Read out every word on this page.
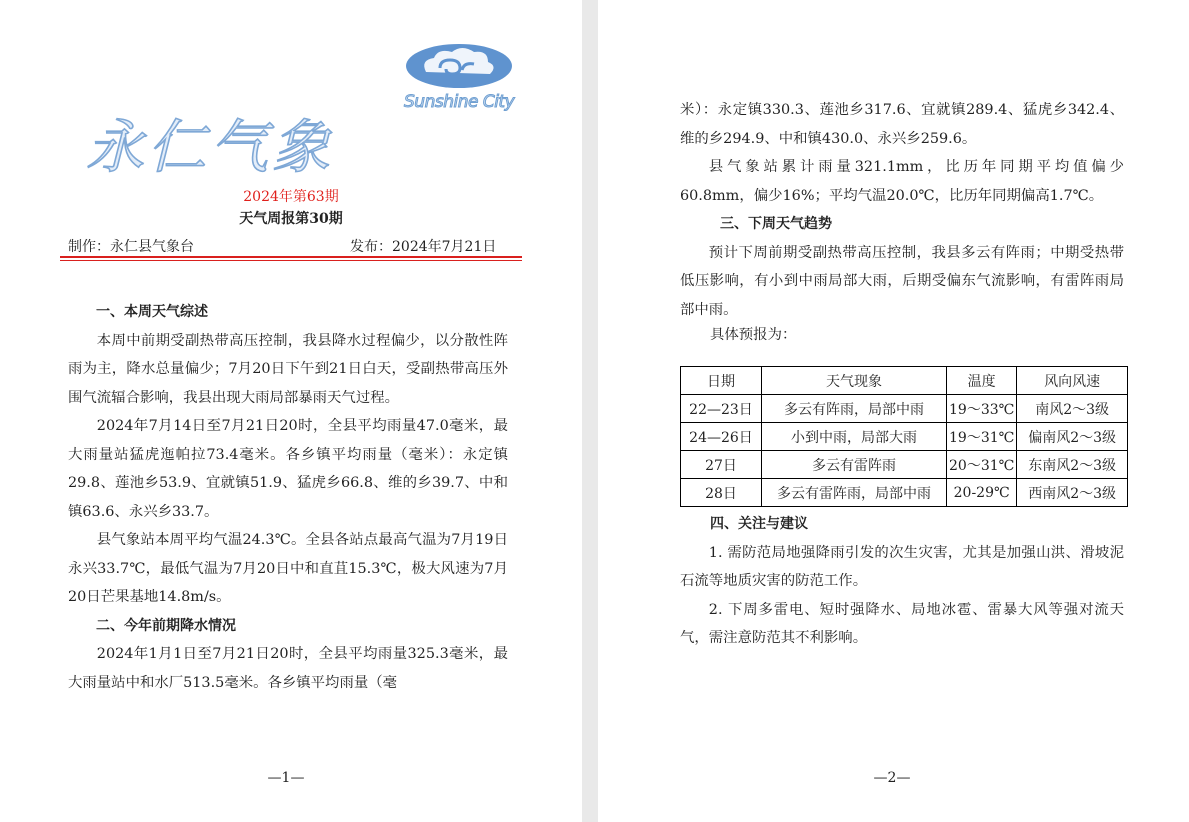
Sunshine City
永仁气象
2024年第63期
天气周报第30期
制作：永仁县气象台	发布：2024年7月21日
一、本周天气综述

本周中前期受副热带高压控制，我县降水过程偏少，以分散性阵雨为主，降水总量偏少；7月20日下午到21日白天，受副热带高压外围气流辐合影响，我县出现大雨局部暴雨天气过程。

2024年7月14日至7月21日20时，全县平均雨量47.0毫米，最大雨量站猛虎迤帕拉73.4毫米。各乡镇平均雨量（毫米）：永定镇29.8、莲池乡53.9、宜就镇51.9、猛虎乡66.8、维的乡39.7、中和镇63.6、永兴乡33.7。

县气象站本周平均气温24.3℃。全县各站点最高气温为7月19日永兴33.7℃，最低气温为7月20日中和直苴15.3℃，极大风速为7月20日芒果基地14.8m/s。

二、今年前期降水情况

2024年1月1日至7月21日20时，全县平均雨量325.3毫米，最大雨量站中和水厂513.5毫米。各乡镇平均雨量（毫

—1—

米）：永定镇330.3、莲池乡317.6、宜就镇289.4、猛虎乡342.4、维的乡294.9、中和镇430.0、永兴乡259.6。

县气象站累计雨量321.1mm，比历年同期平均值偏少60.8mm，偏少16%；平均气温20.0℃，比历年同期偏高1.7℃。

三、下周天气趋势

预计下周前期受副热带高压控制，我县多云有阵雨；中期受热带低压影响，有小到中雨局部大雨，后期受偏东气流影响，有雷阵雨局部中雨。

具体预报为：
日期	天气现象	温度	风向风速
22—23日	多云有阵雨，局部中雨	19～33℃	南风2～3级
24—26日	小到中雨，局部大雨	19～31℃	偏南风2～3级
27日	多云有雷阵雨	20～31℃	东南风2～3级
28日	多云有雷阵雨，局部中雨	20-29℃	西南风2～3级
四、关注与建议

1. 需防范局地强降雨引发的次生灾害，尤其是加强山洪、滑坡泥石流等地质灾害的防范工作。

2. 下周多雷电、短时强降水、局地冰雹、雷暴大风等强对流天气，需注意防范其不利影响。

—2—
